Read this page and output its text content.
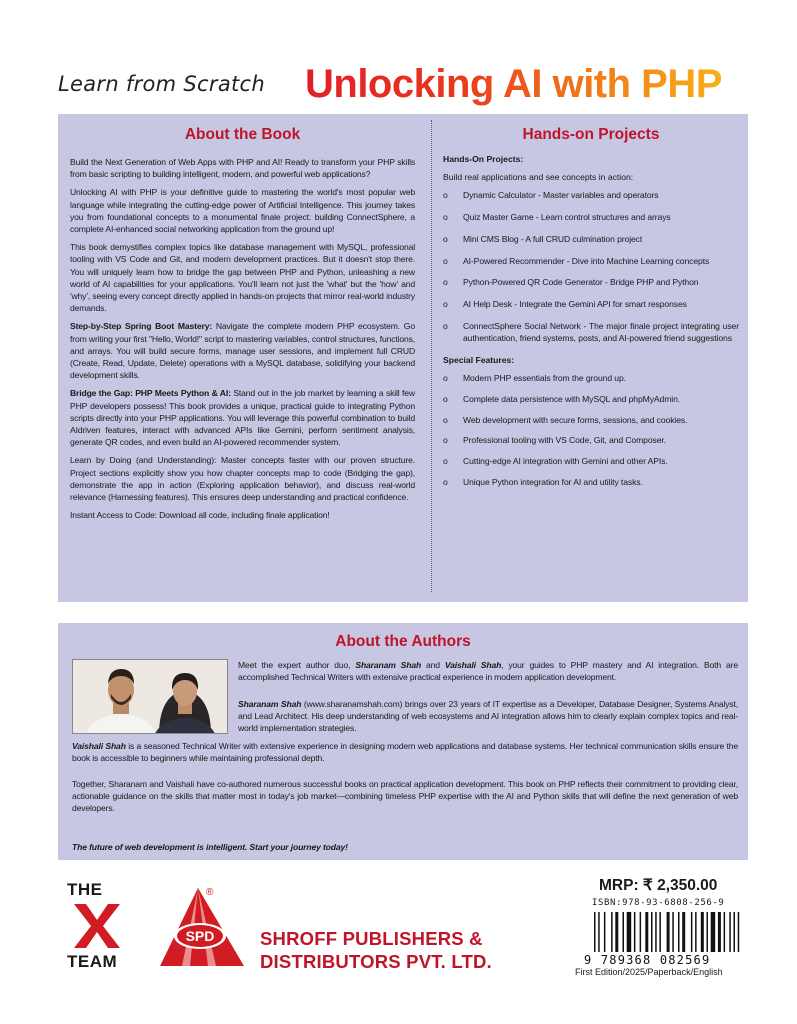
Learn from Scratch Unlocking AI with PHP
About the Book

Build the Next Generation of Web Apps with PHP and AI! Ready to transform your PHP skills from basic scripting to building intelligent, modern, and powerful web applications?

Unlocking AI with PHP is your definitive guide to mastering the world's most popular web language while integrating the cutting-edge power of Artificial Intelligence. This journey takes you from foundational concepts to a monumental finale project: building ConnectSphere, a complete AI-enhanced social networking application from the ground up!

This book demystifies complex topics like database management with MySQL, professional tooling with VS Code and Git, and modern development practices. But it doesn't stop there. You will uniquely learn how to bridge the gap between PHP and Python, unleashing a new world of AI capabilities for your applications. You'll learn not just the 'what' but the 'how' and 'why', seeing every concept directly applied in hands-on projects that mirror real-world industry demands.

Step-by-Step Spring Boot Mastery: Navigate the complete modern PHP ecosystem. Go from writing your first "Hello, World!" script to mastering variables, control structures, functions, and arrays. You will build secure forms, manage user sessions, and implement full CRUD (Create, Read, Update, Delete) operations with a MySQL database, solidifying your backend development skills.

Bridge the Gap: PHP Meets Python & AI: Stand out in the job market by learning a skill few PHP developers possess! This book provides a unique, practical guide to integrating Python scripts directly into your PHP applications. You will leverage this powerful combination to build AIdriven features, interact with advanced APIs like Gemini, perform sentiment analysis, generate QR codes, and even build an AI-powered recommender system.

Learn by Doing (and Understanding): Master concepts faster with our proven structure. Project sections explicitly show you how chapter concepts map to code (Bridging the gap), demonstrate the app in action (Exploring application behavior), and discuss real-world relevance (Harnessing features). This ensures deep understanding and practical confidence.

Instant Access to Code: Download all code, including finale application!

Hands-on Projects
Hands-On Projects:
Build real applications and see concepts in action:
o Dynamic Calculator - Master variables and operators
o Quiz Master Game - Learn control structures and arrays
o Mini CMS Blog - A full CRUD culmination project
o AI-Powered Recommender - Dive into Machine Learning concepts
o Python-Powered QR Code Generator - Bridge PHP and Python
o AI Help Desk - Integrate the Gemini API for smart responses
o ConnectSphere Social Network - The major finale project integrating user authentication, friend systems, posts, and AI-powered friend suggestions
Special Features:
o Modern PHP essentials from the ground up.
o Complete data persistence with MySQL and phpMyAdmin.
o Web development with secure forms, sessions, and cookies.
o Professional tooling with VS Code, Git, and Composer.
o Cutting-edge AI integration with Gemini and other APIs.
o Unique Python integration for AI and utility tasks.
About the Authors
Meet the expert author duo, Sharanam Shah and Vaishali Shah, your guides to PHP mastery and AI integration. Both are accomplished Technical Writers with extensive practical experience in modern application development.
Sharanam Shah (www.sharanamshah.com) brings over 23 years of IT expertise as a Developer, Database Designer, Systems Analyst, and Lead Architect. His deep understanding of web ecosystems and AI integration allows him to clearly explain complex topics and real-world implementation strategies.
Vaishali Shah is a seasoned Technical Writer with extensive experience in designing modern web applications and database systems. Her technical communication skills ensure the book is accessible to beginners while maintaining professional depth.
Together, Sharanam and Vaishali have co-authored numerous successful books on practical application development. This book on PHP reflects their commitment to providing clear, actionable guidance on the skills that matter most in today's job market—combining timeless PHP expertise with the AI and Python skills that will define the next generation of web developers.
The future of web development is intelligent. Start your journey today!
THE
TEAM
SPD
®
SHROFF PUBLISHERS &
DISTRIBUTORS PVT. LTD.
MRP: ₹ 2,350.00
ISBN:978-93-6808-256-9
9 789368 082569
First Edition/2025/Paperback/English
